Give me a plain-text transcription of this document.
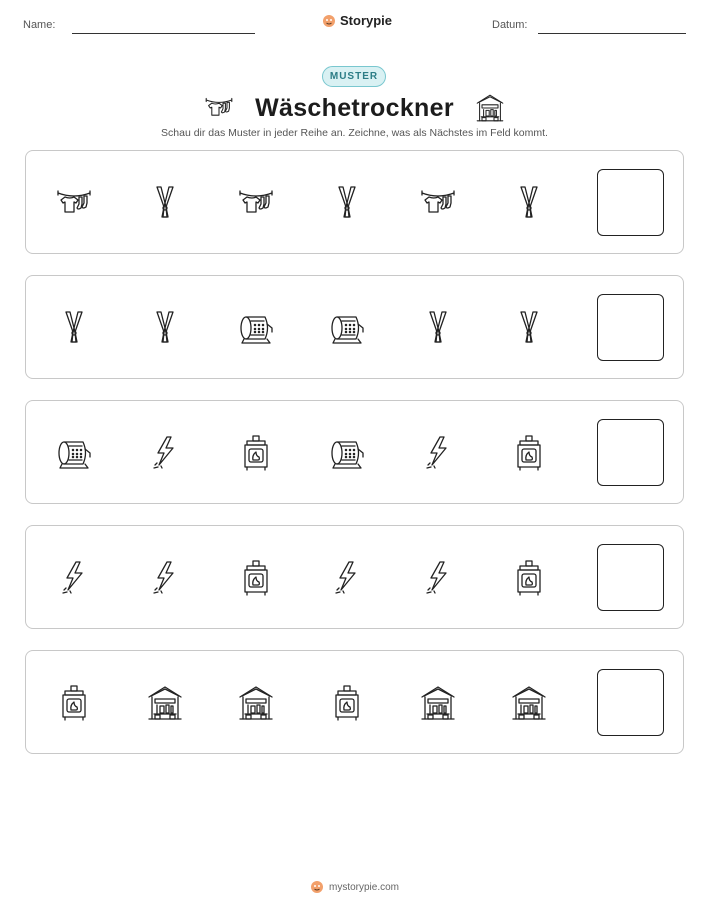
Name:	Storypie	Datum:
MUSTER
Wäschetrockner
Schau dir das Muster in jeder Reihe an. Zeichne, was als Nächstes im Feld kommt.
mystorypie.com
